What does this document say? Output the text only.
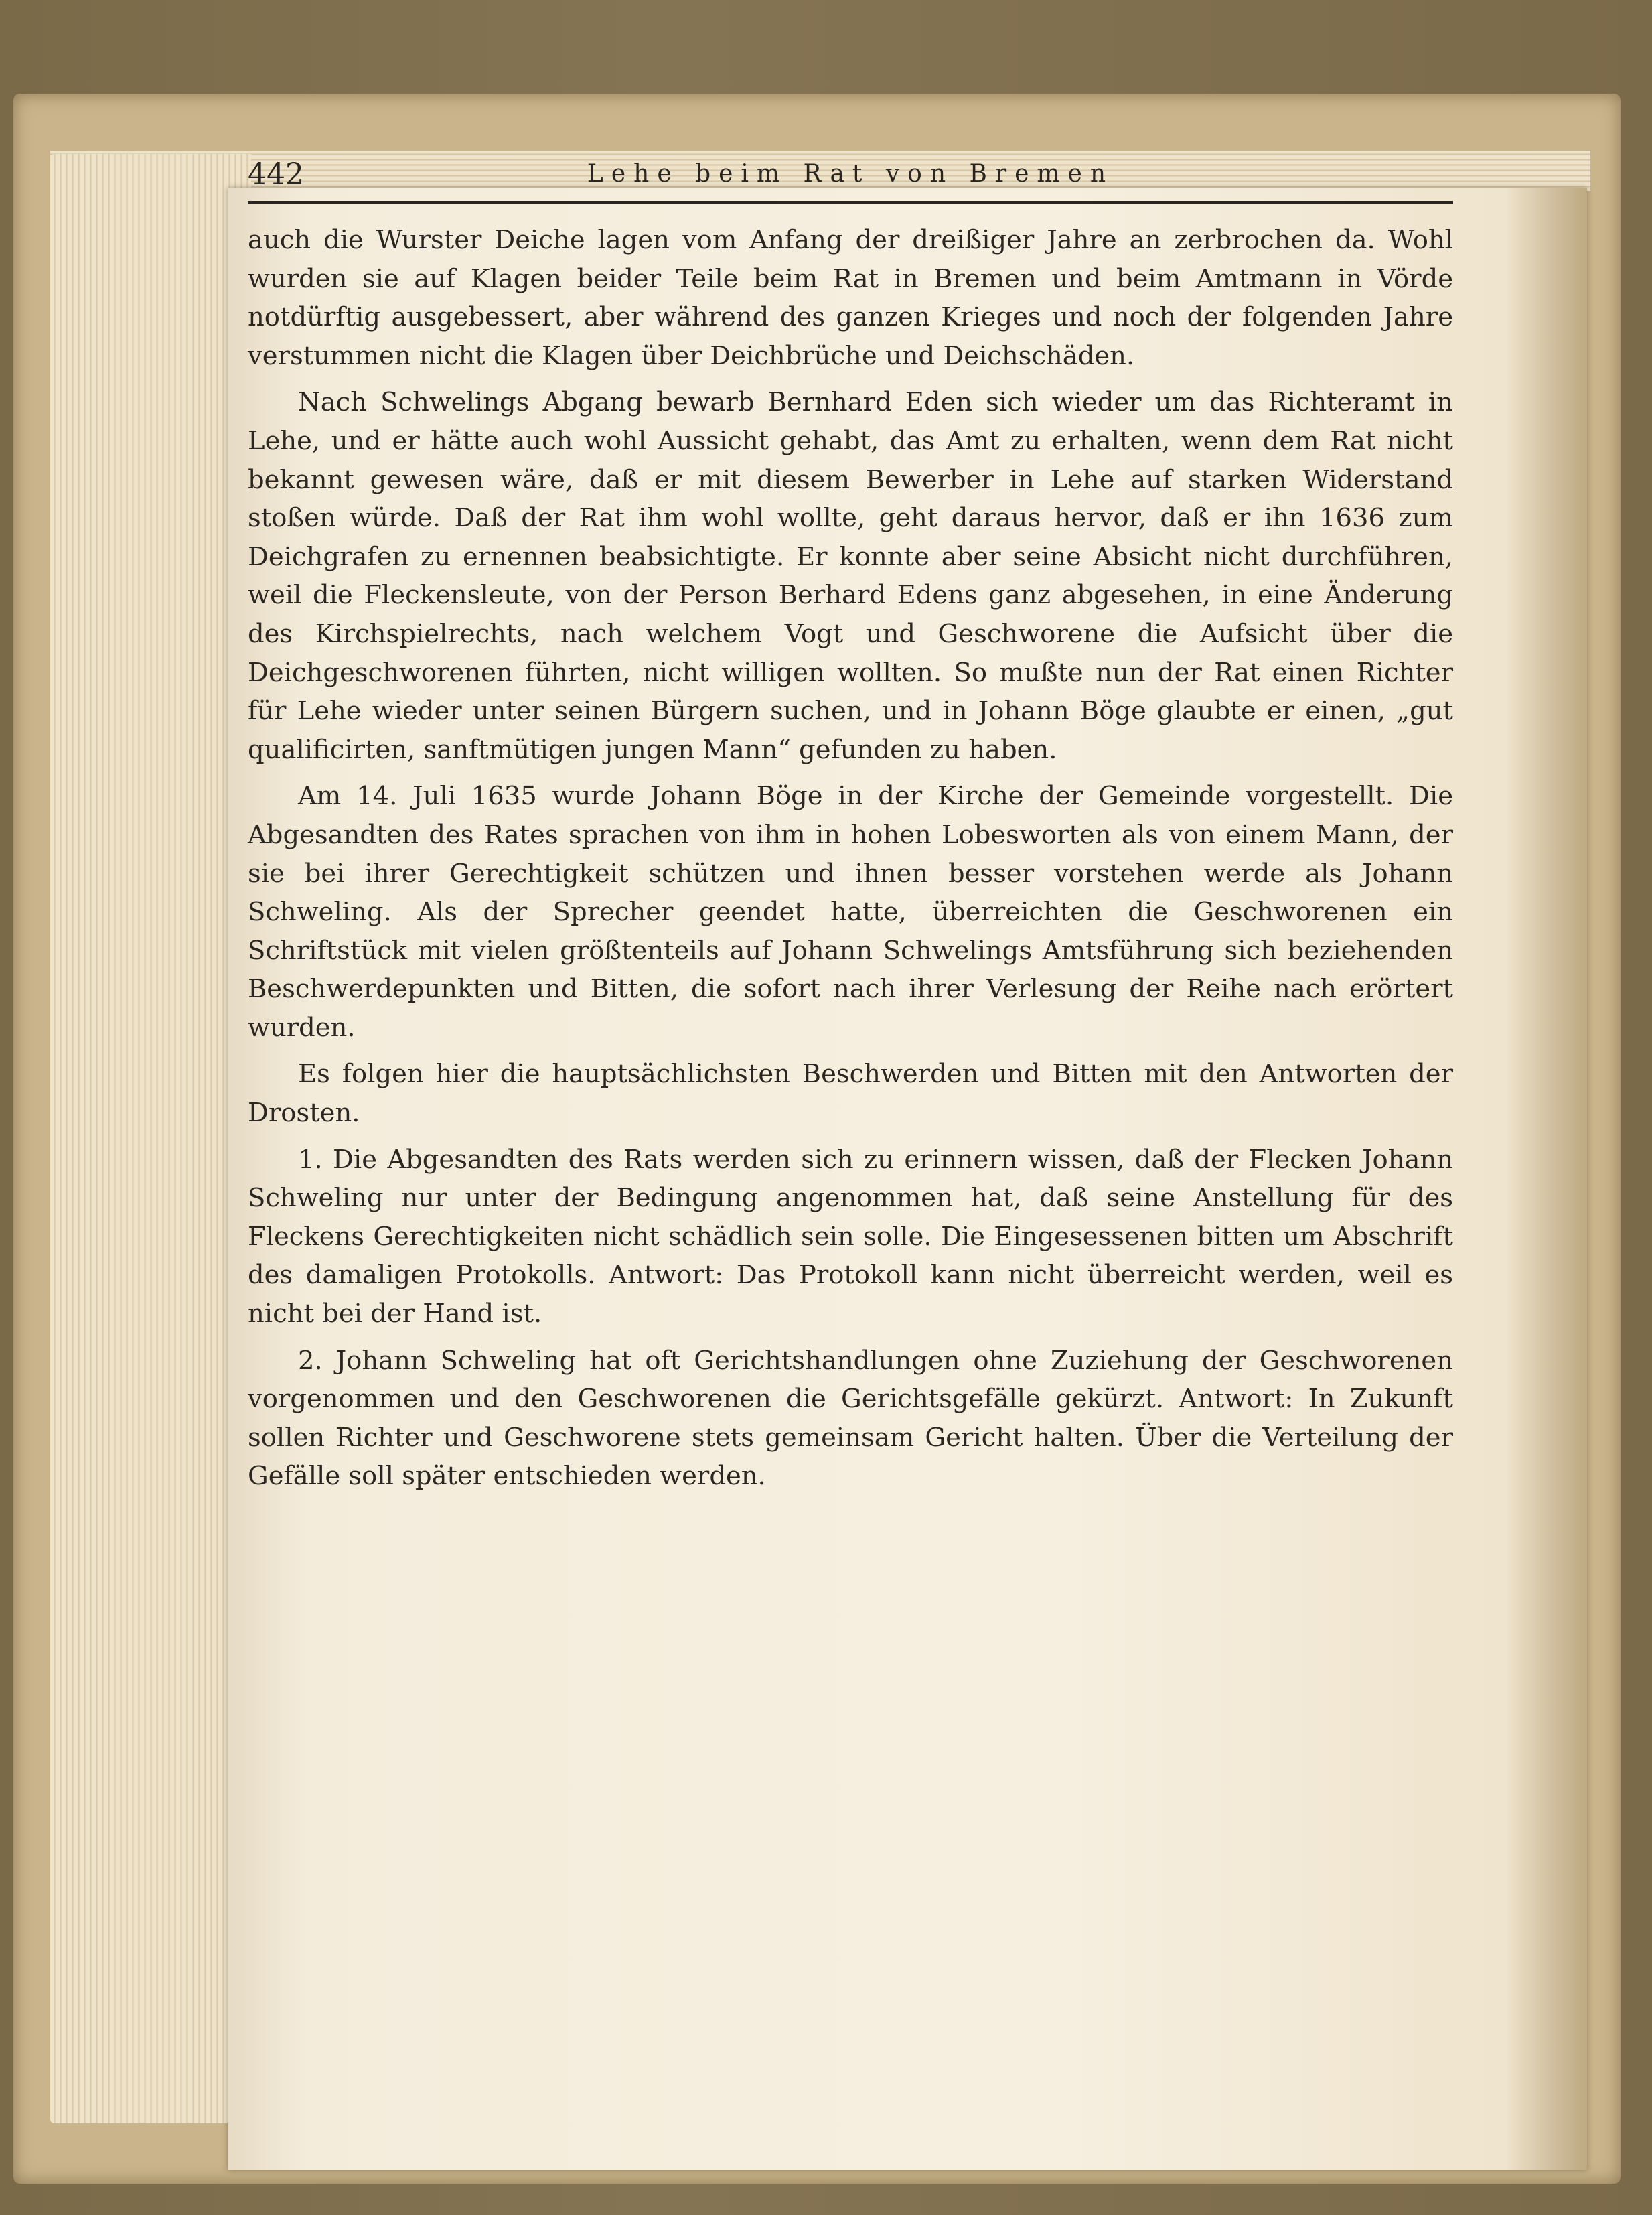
442	Lehe beim Rat von Bremen

auch die Wurster Deiche lagen vom Anfang der dreißiger Jahre an zerbrochen da. Wohl wurden sie auf Klagen beider Teile beim Rat in Bremen und beim Amtmann in Vörde notdürftig ausgebessert, aber während des ganzen Krieges und noch der folgenden Jahre verstummen nicht die Klagen über Deichbrüche und Deichschäden.

Nach Schwelings Abgang bewarb Bernhard Eden sich wieder um das Richteramt in Lehe, und er hätte auch wohl Aussicht gehabt, das Amt zu erhalten, wenn dem Rat nicht bekannt gewesen wäre, daß er mit diesem Bewerber in Lehe auf starken Widerstand stoßen würde. Daß der Rat ihm wohl wollte, geht daraus hervor, daß er ihn 1636 zum Deichgrafen zu ernennen beabsichtigte. Er konnte aber seine Absicht nicht durchführen, weil die Fleckensleute, von der Person Berhard Edens ganz abgesehen, in eine Änderung des Kirchspielrechts, nach welchem Vogt und Geschworene die Aufsicht über die Deichgeschworenen führten, nicht willigen wollten. So mußte nun der Rat einen Richter für Lehe wieder unter seinen Bürgern suchen, und in Johann Böge glaubte er einen, „gut qualificirten, sanftmütigen jungen Mann“ gefunden zu haben.

Am 14. Juli 1635 wurde Johann Böge in der Kirche der Gemeinde vorgestellt. Die Abgesandten des Rates sprachen von ihm in hohen Lobesworten als von einem Mann, der sie bei ihrer Gerechtigkeit schützen und ihnen besser vorstehen werde als Johann Schweling. Als der Sprecher geendet hatte, überreichten die Geschworenen ein Schriftstück mit vielen größtenteils auf Johann Schwelings Amtsführung sich beziehenden Beschwerdepunkten und Bitten, die sofort nach ihrer Verlesung der Reihe nach erörtert wurden.

Es folgen hier die hauptsächlichsten Beschwerden und Bitten mit den Antworten der Drosten.

1. Die Abgesandten des Rats werden sich zu erinnern wissen, daß der Flecken Johann Schweling nur unter der Bedingung angenommen hat, daß seine Anstellung für des Fleckens Gerechtigkeiten nicht schädlich sein solle. Die Eingesessenen bitten um Abschrift des damaligen Protokolls. Antwort: Das Protokoll kann nicht überreicht werden, weil es nicht bei der Hand ist.

2. Johann Schweling hat oft Gerichtshandlungen ohne Zuziehung der Geschworenen vorgenommen und den Geschworenen die Gerichtsgefälle gekürzt. Antwort: In Zukunft sollen Richter und Geschworene stets gemeinsam Gericht halten. Über die Verteilung der Gefälle soll später entschieden werden.
